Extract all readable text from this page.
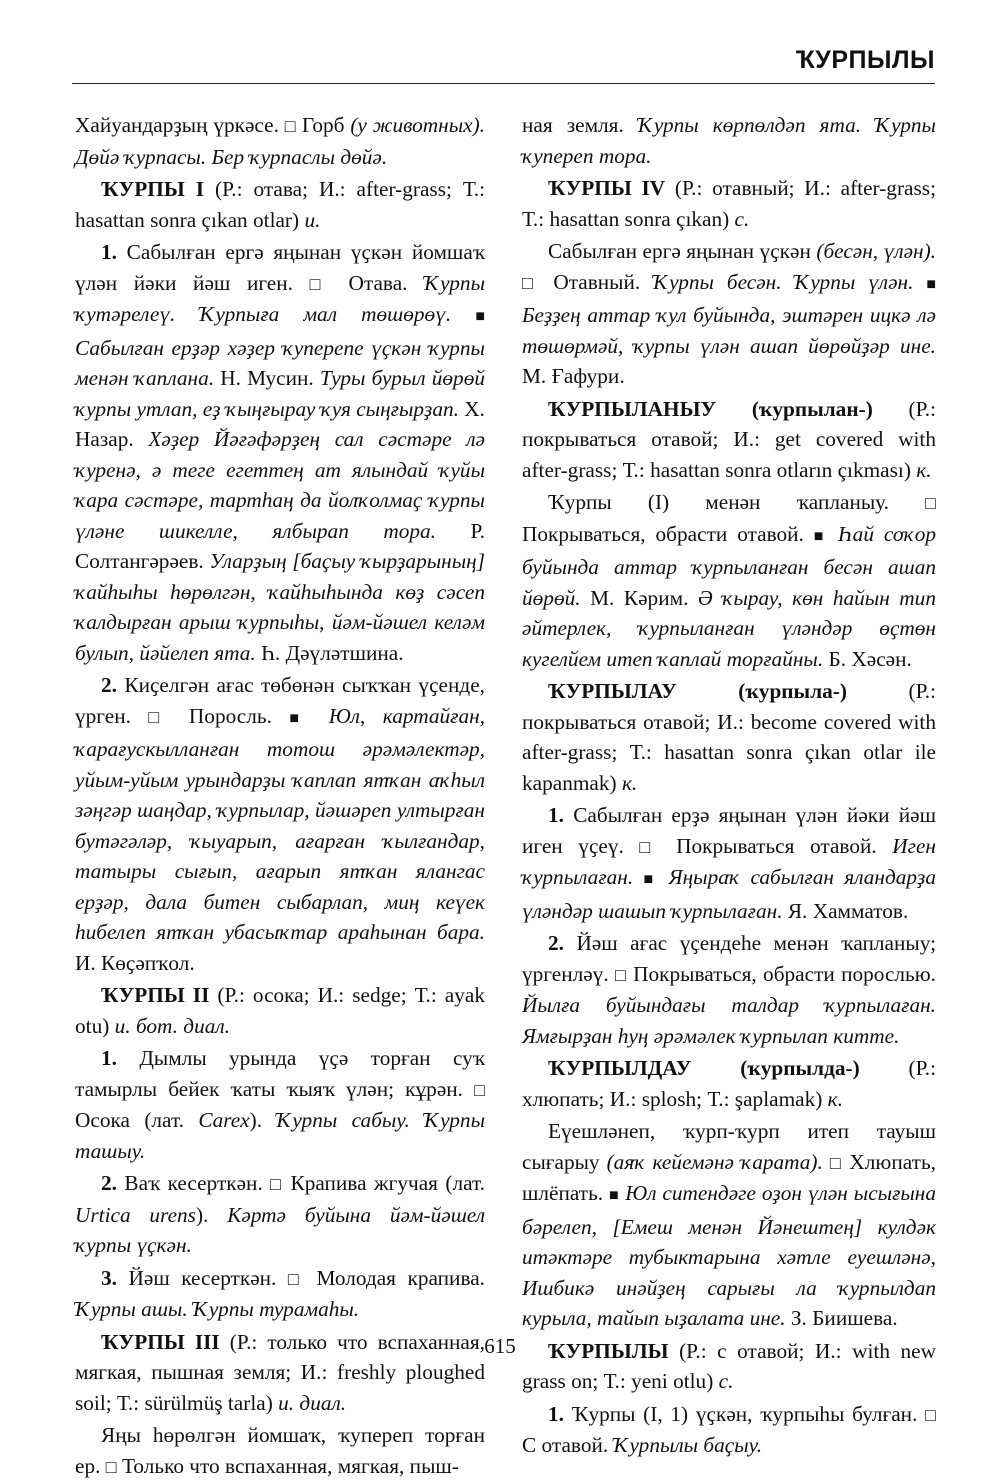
ҠУРПЫЛЫ

Хайуандарҙың үркәсе. □ Горб (у животных). Дөйә ҡурпасы. Бер ҡурпаслы дөйә.

ҠУРПЫ I (Р.: отава; И.: after-grass; Т.: hasattan sonra çıkan otlar) и.

1. Сабылған ергә яңынан үҫкән йомшаҡ үлән йәки йәш иген. □ Отава. Ҡурпы ҡутәрелеү. Ҡурпыға мал төшөрөү. ■ Сабылған ерҙәр хәҙер ҡуперепе үҫкән ҡурпы менән ҡаплана. Н. Мусин. Туры бурыл йөрөй ҡурпы утлап, еҙ ҡыңғырау ҡуя сыңғырҙап. Х. Назар. Хәҙер Йәғәфәрҙең сал сәстәре лә ҡуренә, ә теге егеттең ат ялындай ҡуйы ҡара сәстәре, тартһаң да йолҡолмаҫ ҡурпы үләне шикелле, ялбырап тора. Р. Солтангәрәев. Уларҙың [баҫыу ҡырҙарының] ҡайһыһы һөрөлгән, ҡайһыһында көҙ сәсеп ҡалдырған арыш ҡурпыһы, йәм-йәшел келәм булып, йәйелеп ята. Һ. Дәүләтшина.

2. Киҫелгән ағас төбөнән сыҡҡан үҫенде, үрген. □ Поросль. ■ Юл, картайған, ҡарағускылланған тотош әрәмәлектәр, уйым-уйым урындарҙы ҡаплап ятҡан аҡһыл зәңгәр шаңдар, ҡурпылар, йәшәреп ултырған бутәгәләр, ҡыуарып, ағарған ҡылғандар, татыры сығып, ағарып ятҡан ялангас ерҙәр, дала битен сыбарлап, миң кеүек һибелеп ятҡан убасыҡтар араһынан бара. И. Көҫәпҡол.

ҠУРПЫ II (Р.: осока; И.: sedge; Т.: ayak otu) и. бот. диал.

1. Дымлы урында үҫә торған суҡ тамырлы бейек ҡаты ҡыяҡ үлән; кұрән. □ Осока (лат. Carex). Ҡурпы сабыу. Ҡурпы ташыу.

2. Ваҡ кесерткән. □ Крапива жгучая (лат. Urtica urens). Кәртә буйына йәм-йәшел ҡурпы үҫкән.

3. Йәш кесерткән. □ Молодая крапива. Ҡурпы ашы. Ҡурпы турамаһы.

ҠУРПЫ III (Р.: только что вспаханная, мягкая, пышная земля; И.: freshly ploughed soil; Т.: sürülmüş tarla) и. диал.

Яңы һөрөлгән йомшаҡ, ҡупереп торған ер. □ Только что вспаханная, мягкая, пыш-

ная земля. Ҡурпы көрпөлдәп ята. Ҡурпы ҡупереп тора.

ҠУРПЫ IV (Р.: отавный; И.: after-grass; Т.: hasattan sonra çıkan) с.

Сабылған ергә яңынан үҫкән (бесән, үлән). □ Отавный. Ҡурпы бесән. Ҡурпы үлән. ■ Беҙҙең аттар ҡул буйында, эштәрен ицкә лә төшөрмәй, ҡурпы үлән ашап йөрөйҙәр ине. М. Ғафури.

ҠУРПЫЛАНЫУ (ҡурпылан-) (Р.: покрываться отавой; И.: get covered with after-grass; Т.: hasattan sonra otların çıkması) к.

Ҡурпы (I) менән ҡапланыу. □ Покрываться, обрасти отавой. ■ Һай соҡор буйында аттар ҡурпыланған бесән ашап йөрөй. М. Кәрим. Ә ҡырау, көн һайын тип әйтерлек, ҡурпыланған үләндәр өҫтөн кугелйем итеп ҡаплай торғайны. Б. Хәсән.

ҠУРПЫЛАУ	(ҡурпыла-) (Р.: покрываться отавой; И.: become covered with after-grass; Т.: hasattan sonra çıkan otlar ile kapanmak) к.

1. Сабылған ерҙә яңынан үлән йәки йәш иген үҫеү. □ Покрываться отавой. Иген ҡурпылаған. ■ Яңыраҡ сабылған яландарҙа үләндәр шашып ҡурпылаған. Я. Хамматов.

2. Йәш ағас үҫендеһе менән ҡапланыу; үргенләү. □ Покрываться, обрасти порослью. Йылға буйындағы талдар ҡурпылаған. Ямғырҙан һуң әрәмәлек ҡурпылап китте.

ҠУРПЫЛДАУ (ҡурпылда-) (Р.: хлюпать; И.: splosh; Т.: şaplamak) к.

Еүешләнеп, ҡурп-ҡурп итеп тауыш сығарыу (аяҡ кейемәнә ҡарата). □ Хлюпать, шлёпать. ■ Юл ситендәге оҙон үлән ысығына бәрелеп, [Емеш менән Йәнештең] кулдәк итәктәре тубыктарына хәтле еуешләнә, Ишбикә инәйҙең сарығы ла ҡурпылдап курыла, тайып ыҙалата ине. З. Биишева.

ҠУРПЫЛЫ (Р.: с отавой; И.: with new grass on; Т.: yeni otlu) с.

1. Ҡурпы (I, 1) үҫкән, ҡурпыһы булған. □ С отавой. Ҡурпылы баҫыу.

615
